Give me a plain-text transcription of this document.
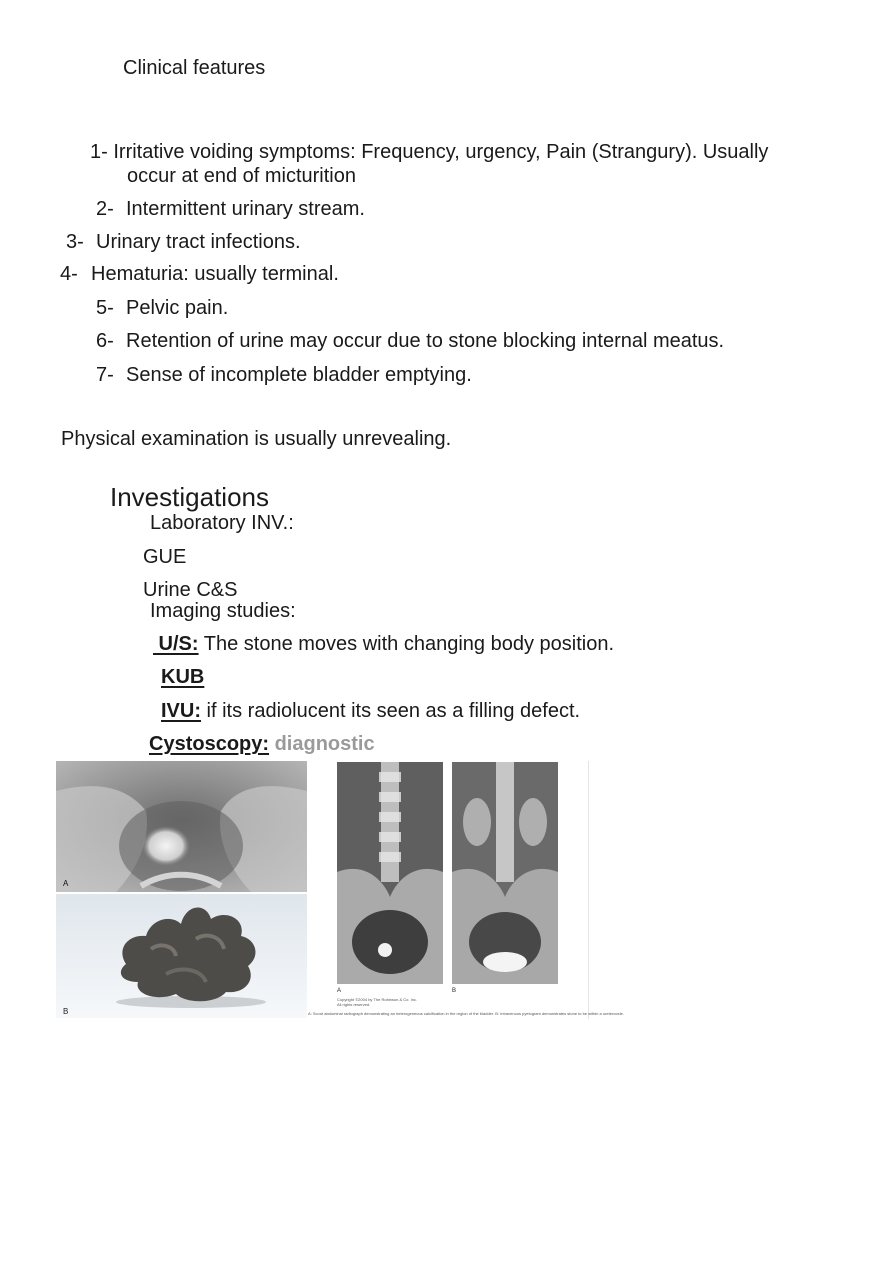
Clinical features
1- Irritative voiding symptoms: Frequency, urgency, Pain (Strangury). Usually
occur at end of micturition
2- Intermittent urinary stream.
3- Urinary tract infections.
4- Hematuria: usually terminal.
5- Pelvic pain.
6- Retention of urine may occur due to stone blocking internal meatus.
7- Sense of incomplete bladder emptying.
Physical examination is usually unrevealing.
Investigations
Laboratory INV.:
GUE
Urine C&S
Imaging studies:
U/S: The stone moves with changing body position.
KUB
IVU: if its radiolucent its seen as a filling defect.
Cystoscopy: diagnostic
A
B
A	B
Copyright ©2004 by The Robinson & Co. Inc.
All rights reserved.
A: Scout abdominal radiograph demonstrating an heterogeneous calcification in the region of the bladder. B: Intravenous pyelogram demonstrates stone to be within a ureterocele.
